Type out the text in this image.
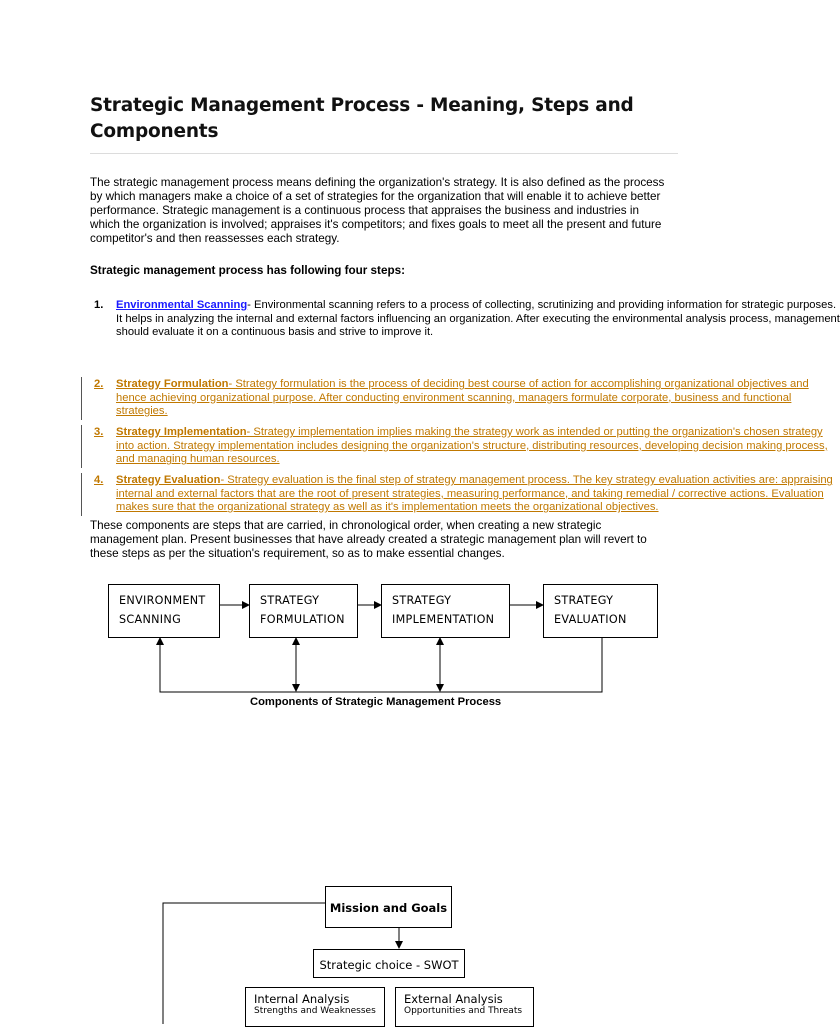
Strategic Management Process - Meaning, Steps and Components
The strategic management process means defining the organization's strategy. It is also defined as the process
by which managers make a choice of a set of strategies for the organization that will enable it to achieve better
performance. Strategic management is a continuous process that appraises the business and industries in
which the organization is involved; appraises it's competitors; and fixes goals to meet all the present and future
competitor's and then reassesses each strategy.
Strategic management process has following four steps:
1. Environmental Scanning- Environmental scanning refers to a process of collecting, scrutinizing and providing information for strategic purposes.
It helps in analyzing the internal and external factors influencing an organization. After executing the environmental analysis process, management
should evaluate it on a continuous basis and strive to improve it.
2. Strategy Formulation- Strategy formulation is the process of deciding best course of action for accomplishing organizational objectives and
hence achieving organizational purpose. After conducting environment scanning, managers formulate corporate, business and functional
strategies.
3. Strategy Implementation- Strategy implementation implies making the strategy work as intended or putting the organization's chosen strategy
into action. Strategy implementation includes designing the organization's structure, distributing resources, developing decision making process,
and managing human resources.
4. Strategy Evaluation- Strategy evaluation is the final step of strategy management process. The key strategy evaluation activities are: appraising
internal and external factors that are the root of present strategies, measuring performance, and taking remedial / corrective actions. Evaluation
makes sure that the organizational strategy as well as it's implementation meets the organizational objectives.
These components are steps that are carried, in chronological order, when creating a new strategic
management plan. Present businesses that have already created a strategic management plan will revert to
these steps as per the situation's requirement, so as to make essential changes.
ENVIRONMENT
SCANNING
STRATEGY
FORMULATION
STRATEGY
IMPLEMENTATION
STRATEGY
EVALUATION
Components of Strategic Management Process
Mission and Goals
Strategic choice - SWOT
Internal Analysis
Strengths and Weaknesses
External Analysis
Opportunities and Threats
